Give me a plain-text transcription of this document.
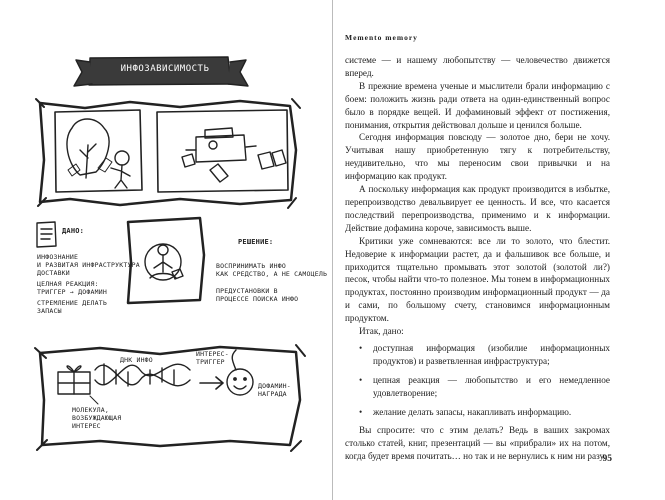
ИНФОЗАВИСИМОСТЬ
ДАНО:
ИНФОЗНАНИЕ
И РАЗВИТАЯ ИНФРАСТРУКТУРА
ДОСТАВКИ
ЦЕЛНАЯ РЕАКЦИЯ:
ТРИГГЕР → ДОФАМИН
СТРЕМЛЕНИЕ ДЕЛАТЬ
ЗАПАСЫ
РЕШЕНИЕ:
ВОСПРИНИМАТЬ ИНФО
КАК СРЕДСТВО, А НЕ САМОЦЕЛЬ
ПРЕДУСТАНОВКИ В
ПРОЦЕССЕ ПОИСКА ИНФО
ДНК ИНФО
ИНТЕРЕС-
ТРИГГЕР
ДОФАМИН-
НАГРАДА
МОЛЕКУЛА,
ВОЗБУЖДАЮЩАЯ
ИНТЕРЕС
Memento memory

системе — и нашему любопытству — человечество движется вперед.

В прежние времена ученые и мыслители брали информацию с боем: положить жизнь ради ответа на один-единственный вопрос было в порядке вещей. И дофаминовый эффект от постижения, понимания, открытия действовал дольше и ценился больше.

Сегодня информация повсюду — золотое дно, бери не хочу. Учитывая нашу приобретенную тягу к потребительству, неудивительно, что мы переносим свои привычки и на информацию как продукт.

А поскольку информация как продукт производится в избытке, перепроизводство девальвирует ее ценность. И все, что касается последствий перепроизводства, применимо и к информации. Действие дофамина короче, зависимость выше.

Критики уже сомневаются: все ли то золото, что блестит. Недоверие к информации растет, да и фальшивок все больше, и приходится тщательно промывать этот золотой (золотой ли?) песок, чтобы найти что-то полезное. Мы тонем в информационных продуктах, постоянно производим информационный продукт — да и сами, по большому счету, становимся информационным продуктом.

Итак, дано:

• доступная информация (изобилие информационных продуктов) и разветвленная инфраструктура;
• цепная реакция — любопытство и его немедленное удовлетворение;
• желание делать запасы, накапливать информацию.

Вы спросите: что с этим делать? Ведь в ваших закромах столько статей, книг, презентаций — вы «прибрали» их на потом, когда будет время почитать… но так и не вернулись к ним ни разу.

95
